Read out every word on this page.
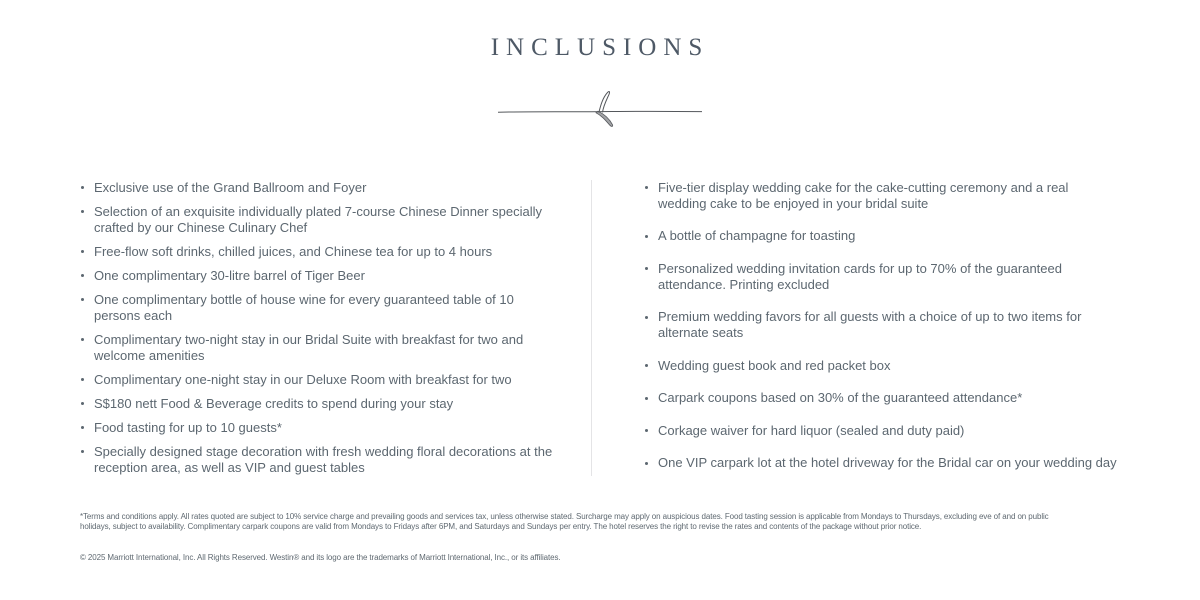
INCLUSIONS
Exclusive use of the Grand Ballroom and Foyer
Selection of an exquisite individually plated 7-course Chinese Dinner specially crafted by our Chinese Culinary Chef
Free-flow soft drinks, chilled juices, and Chinese tea for up to 4 hours
One complimentary 30-litre barrel of Tiger Beer
One complimentary bottle of house wine for every guaranteed table of 10 persons each
Complimentary two-night stay in our Bridal Suite with breakfast for two and welcome amenities
Complimentary one-night stay in our Deluxe Room with breakfast for two
S$180 nett Food & Beverage credits to spend during your stay
Food tasting for up to 10 guests*
Specially designed stage decoration with fresh wedding floral decorations at the reception area, as well as VIP and guest tables
Five-tier display wedding cake for the cake-cutting ceremony and a real wedding cake to be enjoyed in your bridal suite
A bottle of champagne for toasting
Personalized wedding invitation cards for up to 70% of the guaranteed attendance. Printing excluded
Premium wedding favors for all guests with a choice of up to two items for alternate seats
Wedding guest book and red packet box
Carpark coupons based on 30% of the guaranteed attendance*
Corkage waiver for hard liquor (sealed and duty paid)
One VIP carpark lot at the hotel driveway for the Bridal car on your wedding day
*Terms and conditions apply. All rates quoted are subject to 10% service charge and prevailing goods and services tax, unless otherwise stated. Surcharge may apply on auspicious dates. Food tasting session is applicable from Mondays to Thursdays, excluding eve of and on public
holidays, subject to availability. Complimentary carpark coupons are valid from Mondays to Fridays after 6PM, and Saturdays and Sundays per entry. The hotel reserves the right to revise the rates and contents of the package without prior notice.
© 2025 Marriott International, Inc. All Rights Reserved. Westin® and its logo are the trademarks of Marriott International, Inc., or its affiliates.
